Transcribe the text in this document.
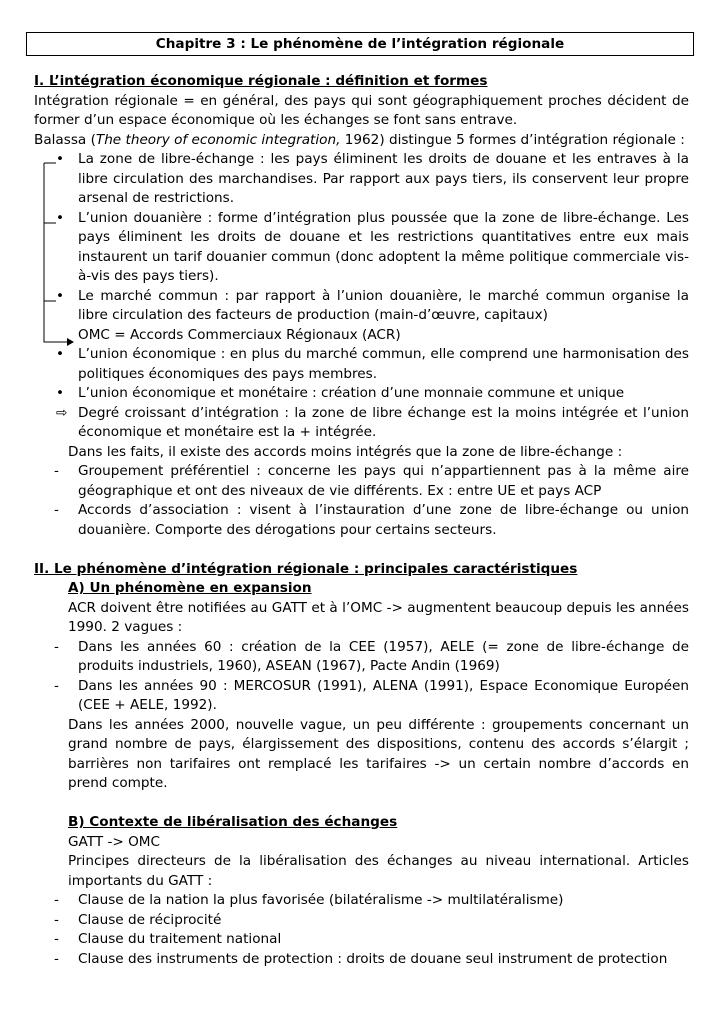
Chapitre 3 : Le phénomène de l’intégration régionale

I. L’intégration économique régionale : définition et formes

Intégration régionale = en général, des pays qui sont géographiquement proches décident de former d’un espace économique où les échanges se font sans entrave.

Balassa (The theory of economic integration, 1962) distingue 5 formes d’intégration régionale :

• La zone de libre-échange : les pays éliminent les droits de douane et les entraves à la libre circulation des marchandises. Par rapport aux pays tiers, ils conservent leur propre arsenal de restrictions.
• L’union douanière : forme d’intégration plus poussée que la zone de libre-échange. Les pays éliminent les droits de douane et les restrictions quantitatives entre eux mais instaurent un tarif douanier commun (donc adoptent la même politique commerciale vis-à-vis des pays tiers).
• Le marché commun : par rapport à l’union douanière, le marché commun organise la libre circulation des facteurs de production (main-d’œuvre, capitaux)
OMC = Accords Commerciaux Régionaux (ACR)
• L’union économique : en plus du marché commun, elle comprend une harmonisation des politiques économiques des pays membres.
• L’union économique et monétaire : création d’une monnaie commune et unique
⇨ Degré croissant d’intégration : la zone de libre échange est la moins intégrée et l’union économique et monétaire est la + intégrée.
Dans les faits, il existe des accords moins intégrés que la zone de libre-échange :
- Groupement préférentiel : concerne les pays qui n’appartiennent pas à la même aire géographique et ont des niveaux de vie différents. Ex : entre UE et pays ACP
- Accords d’association : visent à l’instauration d’une zone de libre-échange ou union douanière. Comporte des dérogations pour certains secteurs.

II. Le phénomène d’intégration régionale : principales caractéristiques

A) Un phénomène en expansion
ACR doivent être notifiées au GATT et à l’OMC -> augmentent beaucoup depuis les années 1990. 2 vagues :
- Dans les années 60 : création de la CEE (1957), AELE (= zone de libre-échange de produits industriels, 1960), ASEAN (1967), Pacte Andin (1969)
- Dans les années 90 : MERCOSUR (1991), ALENA (1991), Espace Economique Européen (CEE + AELE, 1992).
Dans les années 2000, nouvelle vague, un peu différente : groupements concernant un grand nombre de pays, élargissement des dispositions, contenu des accords s’élargit ; barrières non tarifaires ont remplacé les tarifaires -> un certain nombre d’accords en prend compte.
B) Contexte de libéralisation des échanges
GATT -> OMC
Principes directeurs de la libéralisation des échanges au niveau international. Articles importants du GATT :
- Clause de la nation la plus favorisée (bilatéralisme -> multilatéralisme)
- Clause de réciprocité
- Clause du traitement national
- Clause des instruments de protection : droits de douane seul instrument de protection
